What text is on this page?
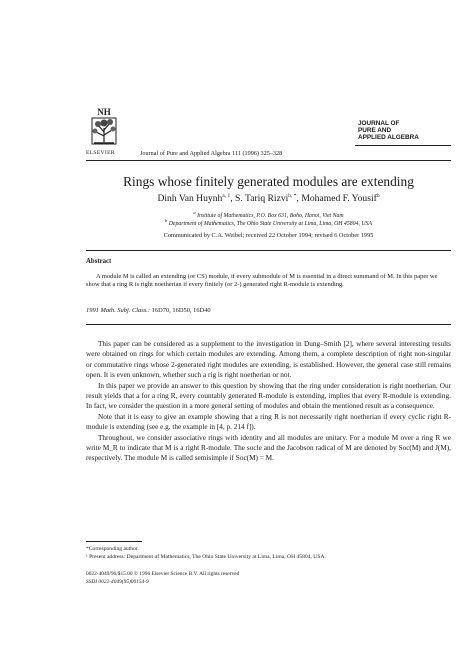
NH
ELSEVIER	Journal of Pure and Applied Algebra 111 (1996) 325–328
JOURNAL OF
PURE AND
APPLIED ALGEBRA
Rings whose finitely generated modules are extending
Dinh Van Huynh$^{a, 1}$, S. Tariq Rizvi$^{b, *}$, Mohamed F. Yousif$^b$
$^a$ Institute of Mathematics, P.O. Box 631, Boho, Hanoi, Viet Nam
$^b$ Department of Mathematics, The Ohio State University at Lima, Lima, OH 45804, USA
Communicated by C.A. Weibel; received 22 October 1994; revised 6 October 1995
Abstract
A module M is called an extending (or CS) module, if every submodule of M is essential in a direct summand of M. In this paper we show that a ring R is right noetherian if every finitely (or 2-) generated right R-module is extending.
1991 Math. Subj. Class.: 16D70, 16D50, 16D40

This paper can be considered as a supplement to the investigation in Dung–Smith [2], where several interesting results were obtained on rings for which certain modules are extending. Among them, a complete description of right non-singular or commutative rings whose 2-generated right modules are extending, is established. However, the general case still remains open. It is even unknown, whether such a rig is right noetherian or not.

In this paper we provide an answer to this question by showing that the ring under consideration is right noetherian. Our result yields that a for a ring R, every countably generated R-module is extending, implies that every R-module is extending. In fact, we consider the question in a more general setting of modules and obtain the mentioned result as a consequence.

Note that it is easy to give an example showing that a ring R is not necessarily right noetherian if every cyclic right R-module is extending (see e.g. the example in [4, p. 214 f]).

Throughout, we consider associative rings with identity and all modules are unitary. For a module M over a ring R we write M_R to indicate that M is a right R-module. The socle and the Jacobson radical of M are denoted by Soc(M) and J(M), respectively. The module M is called semisimple if Soc(M) = M.

*Corresponding author.
¹ Present address: Department of Mathematics, The Ohio State University at Lima, Lima, OH 45804, USA.
0022-4049/96/$15.00 © 1996 Elsevier Science B.V. All rights reserved
SSDI 0022-4049(95)00154-9
